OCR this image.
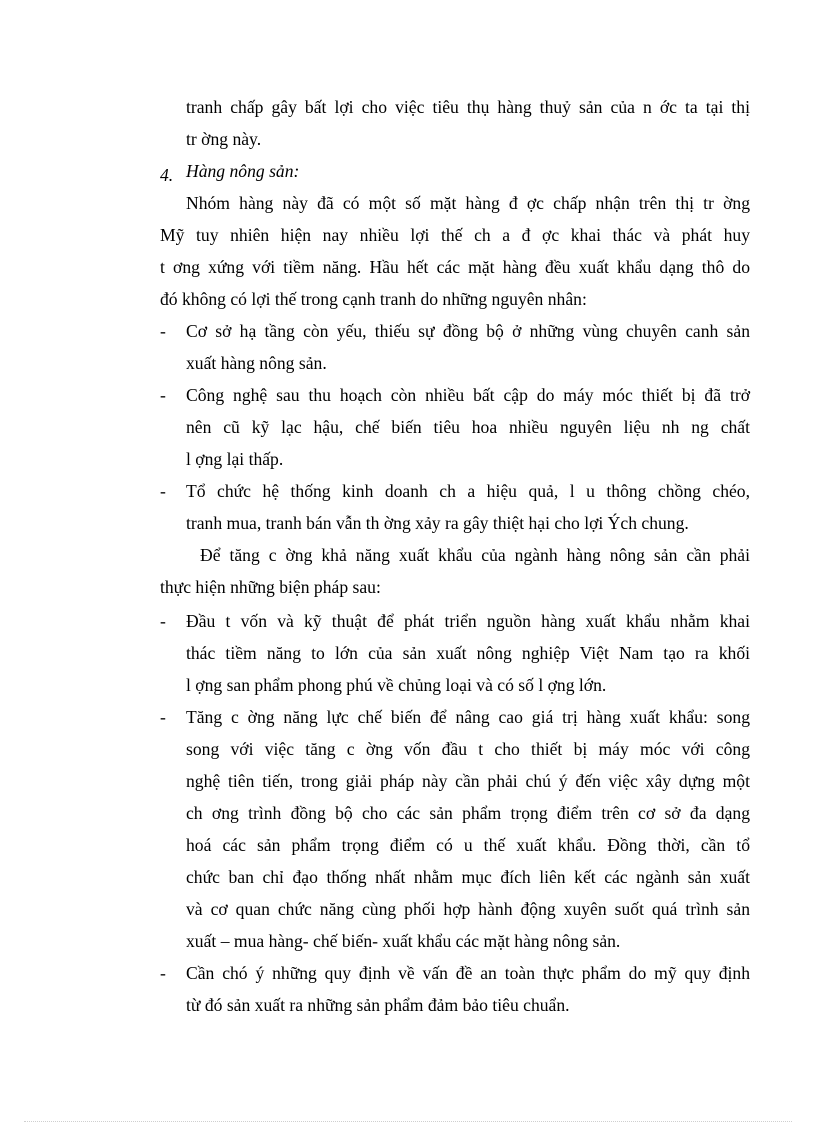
tranh chấp gây bất lợi cho việc tiêu thụ hàng thuỷ sản của n ớc ta tại thị
tr ờng này.
4. Hàng nông sản:
Nhóm hàng này đã có một số mặt hàng đ ợc chấp nhận trên thị tr ờng
Mỹ tuy nhiên hiện nay nhiều lợi thế ch a đ ợc khai thác và phát huy
t ơng xứng với tiềm năng. Hầu hết các mặt hàng đều xuất khẩu dạng thô do
đó không có lợi thế trong cạnh tranh do những nguyên nhân:
- Cơ sở hạ tầng còn yếu, thiếu sự đồng bộ ở những vùng chuyên canh sản
xuất hàng nông sản.
- Công nghệ sau thu hoạch còn nhiều bất cập do máy móc thiết bị đã trở
nên cũ kỹ lạc hậu, chế biến tiêu hoa nhiều nguyên liệu nh ng chất
l ợng lại thấp.
- Tổ chức hệ thống kinh doanh ch a hiệu quả, l u thông chồng chéo,
tranh mua, tranh bán vẫn th ờng xảy ra gây thiệt hại cho lợi Ých chung.
Để tăng c ờng khả năng xuất khẩu của ngành hàng nông sản cần phải
thực hiện những biện pháp sau:
- Đầu t vốn và kỹ thuật để phát triển nguồn hàng xuất khẩu nhằm khai
thác tiềm năng to lớn của sản xuất nông nghiệp Việt Nam tạo ra khối
l ợng san phẩm phong phú về chủng loại và có số l ợng lớn.
- Tăng c ờng năng lực chế biến để nâng cao giá trị hàng xuất khẩu: song
song với việc tăng c ờng vốn đầu t cho thiết bị máy móc với công
nghệ tiên tiến, trong giải pháp này cần phải chú ý đến việc xây dựng một
ch ơng trình đồng bộ cho các sản phẩm trọng điểm trên cơ sở đa dạng
hoá các sản phẩm trọng điểm có u thế xuất khẩu. Đồng thời, cần tổ
chức ban chỉ đạo thống nhất nhằm mục đích liên kết các ngành sản xuất
và cơ quan chức năng cùng phối hợp hành động xuyên suốt quá trình sản
xuất – mua hàng- chế biến- xuất khẩu các mặt hàng nông sản.
- Cần chó ý những quy định về vấn đề an toàn thực phẩm do mỹ quy định
từ đó sản xuất ra những sản phẩm đảm bảo tiêu chuẩn.
